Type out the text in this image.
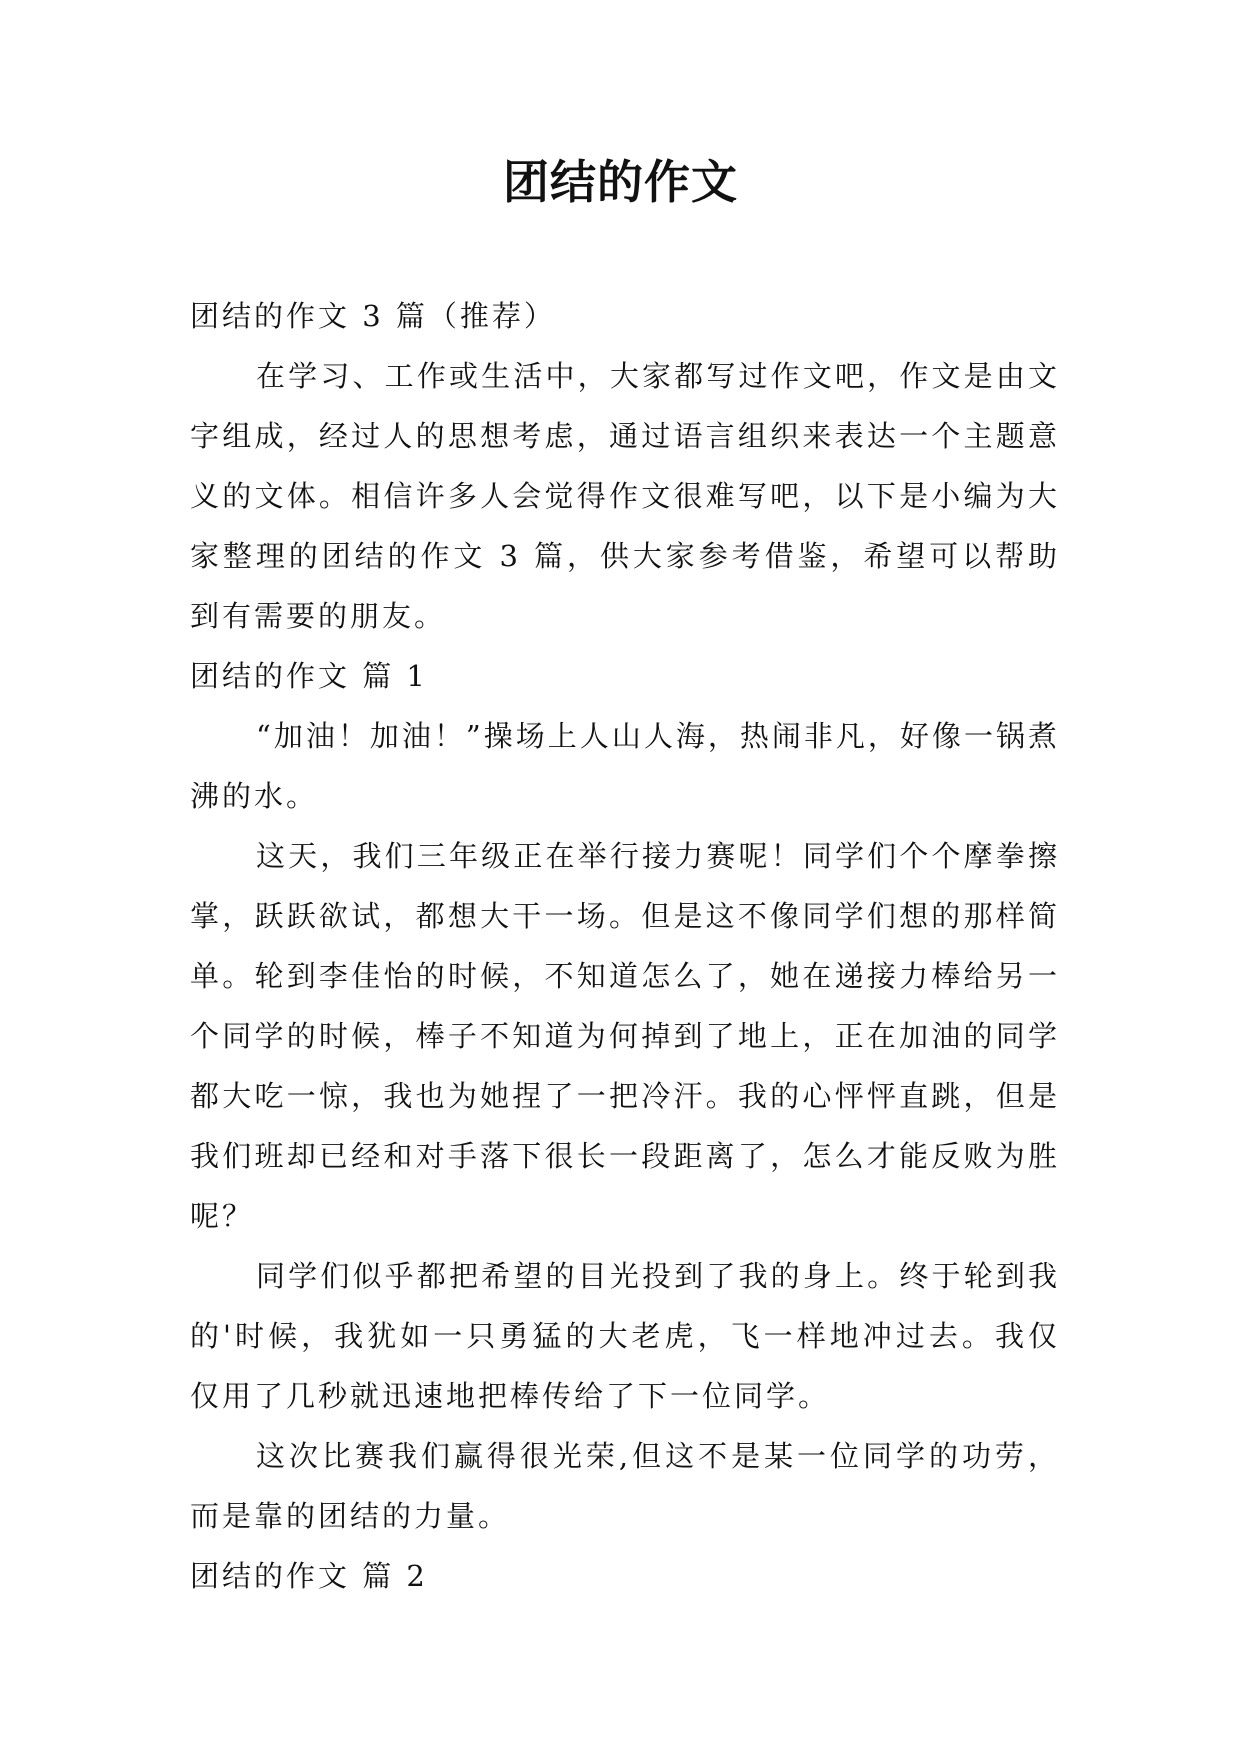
团结的作文

团结的作文 3 篇（推荐）

在学习、工作或生活中，大家都写过作文吧，作文是由文字组成，经过人的思想考虑，通过语言组织来表达一个主题意义的文体。相信许多人会觉得作文很难写吧，以下是小编为大家整理的团结的作文 3 篇，供大家参考借鉴，希望可以帮助到有需要的朋友。

团结的作文 篇 1

“加油！加油！”操场上人山人海，热闹非凡，好像一锅煮沸的水。

这天，我们三年级正在举行接力赛呢！同学们个个摩拳擦掌，跃跃欲试，都想大干一场。但是这不像同学们想的那样简单。轮到李佳怡的时候，不知道怎么了，她在递接力棒给另一个同学的时候，棒子不知道为何掉到了地上，正在加油的同学都大吃一惊，我也为她捏了一把冷汗。我的心怦怦直跳，但是我们班却已经和对手落下很长一段距离了，怎么才能反败为胜呢？

同学们似乎都把希望的目光投到了我的身上。终于轮到我的'时候，我犹如一只勇猛的大老虎，飞一样地冲过去。我仅仅用了几秒就迅速地把棒传给了下一位同学。

这次比赛我们赢得很光荣,但这不是某一位同学的功劳，而是靠的团结的力量。

团结的作文 篇 2
